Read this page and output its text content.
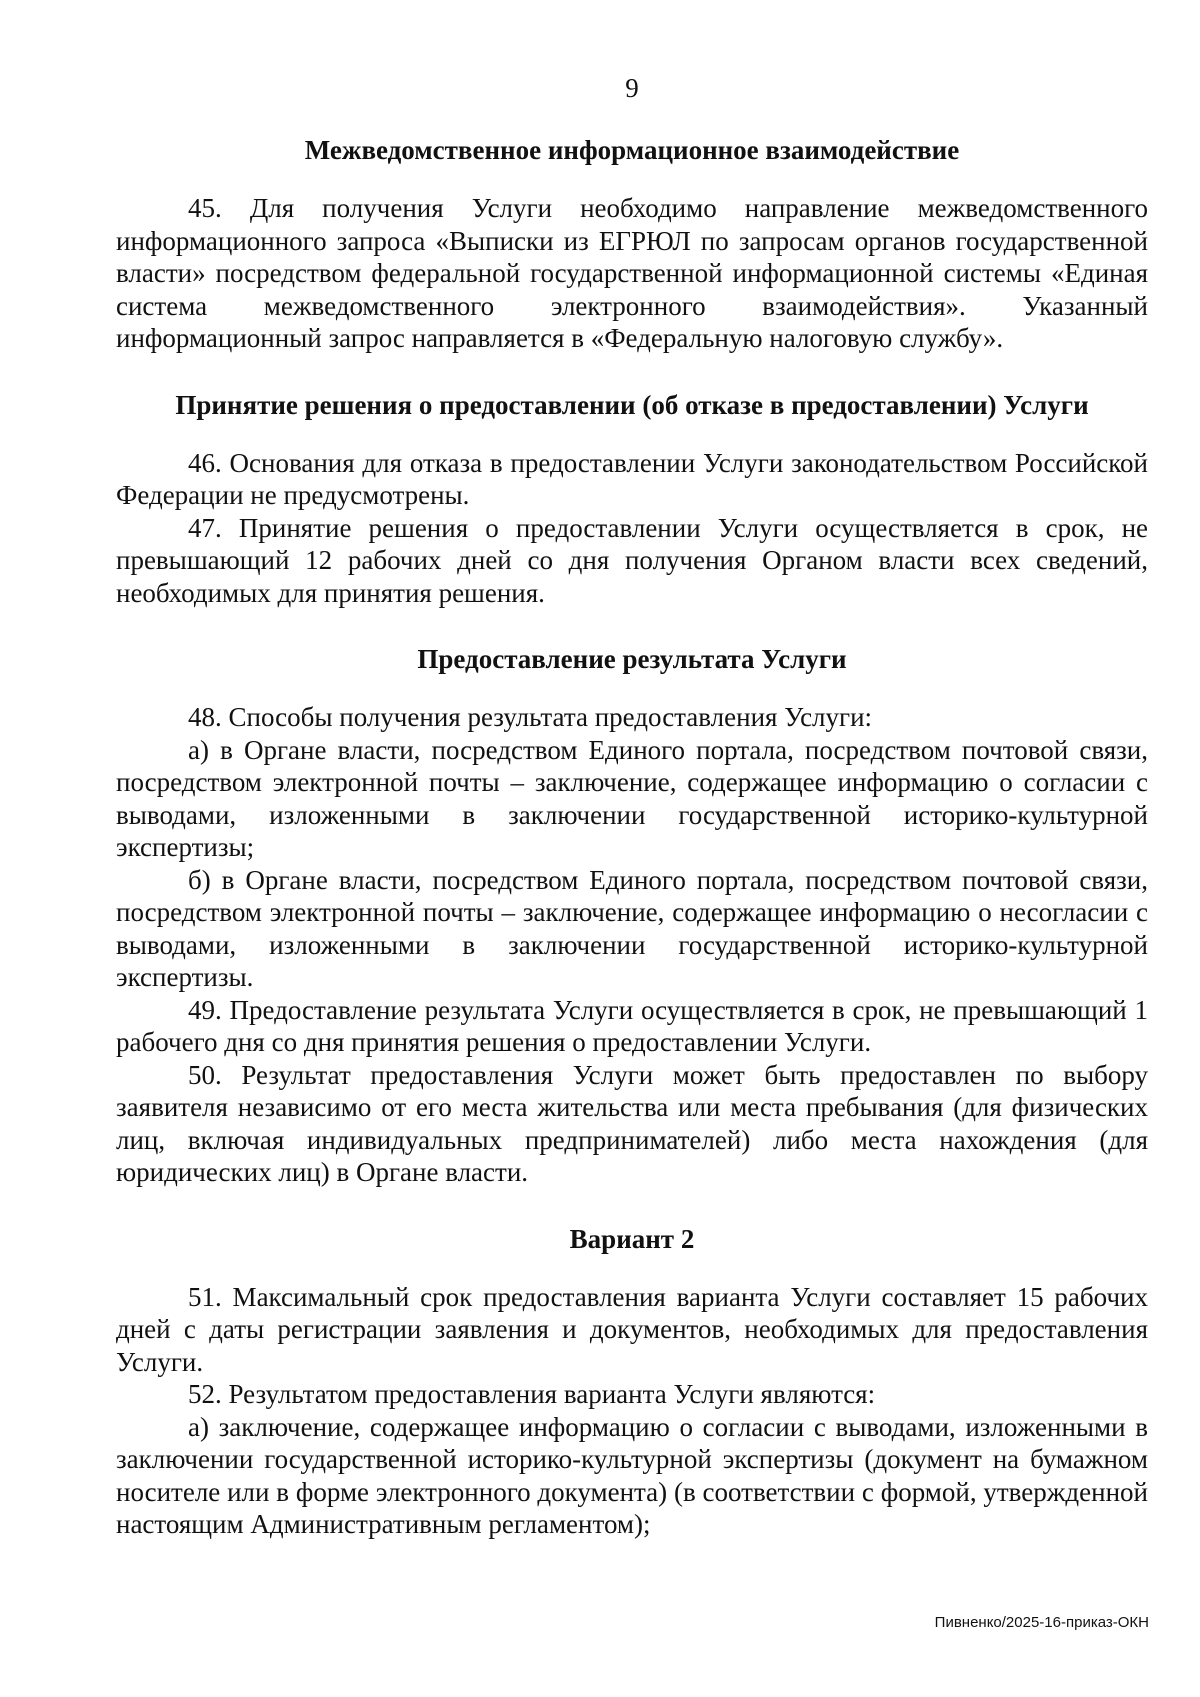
9
Межведомственное информационное взаимодействие

45. Для получения Услуги необходимо направление межведомственного информационного запроса «Выписки из ЕГРЮЛ по запросам органов государственной власти» посредством федеральной государственной информационной системы «Единая система межведомственного электронного взаимодействия». Указанный информационный запрос направляется в «Федеральную налоговую службу».

Принятие решения о предоставлении (об отказе в предоставлении) Услуги

46. Основания для отказа в предоставлении Услуги законодательством Российской Федерации не предусмотрены.

47. Принятие решения о предоставлении Услуги осуществляется в срок, не превышающий 12 рабочих дней со дня получения Органом власти всех сведений, необходимых для принятия решения.

Предоставление результата Услуги

48. Способы получения результата предоставления Услуги:

а) в Органе власти, посредством Единого портала, посредством почтовой связи, посредством электронной почты – заключение, содержащее информацию о согласии с выводами, изложенными в заключении государственной историко-культурной экспертизы;

б) в Органе власти, посредством Единого портала, посредством почтовой связи, посредством электронной почты – заключение, содержащее информацию о несогласии с выводами, изложенными в заключении государственной историко-культурной экспертизы.

49. Предоставление результата Услуги осуществляется в срок, не превышающий 1 рабочего дня со дня принятия решения о предоставлении Услуги.

50. Результат предоставления Услуги может быть предоставлен по выбору заявителя независимо от его места жительства или места пребывания (для физических лиц, включая индивидуальных предпринимателей) либо места нахождения (для юридических лиц) в Органе власти.

Вариант 2

51. Максимальный срок предоставления варианта Услуги составляет 15 рабочих дней с даты регистрации заявления и документов, необходимых для предоставления Услуги.

52. Результатом предоставления варианта Услуги являются:

а) заключение, содержащее информацию о согласии с выводами, изложенными в заключении государственной историко-культурной экспертизы (документ на бумажном носителе или в форме электронного документа) (в соответствии с формой, утвержденной настоящим Административным регламентом);

Пивненко/2025-16-приказ-ОКН
